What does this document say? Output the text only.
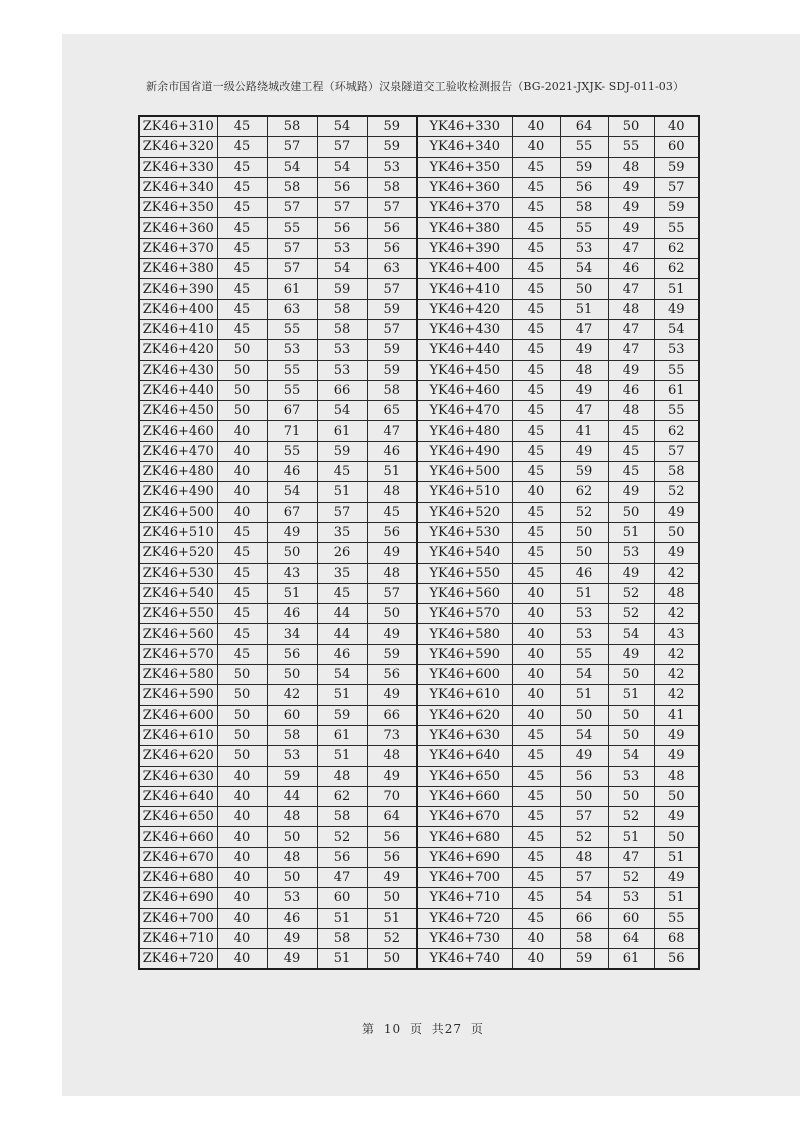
新余市国省道一级公路绕城改建工程（环城路）汉泉隧道交工验收检测报告（BG-2021-JXJK- SDJ-011-03）
ZK46+310	45	58	54	59	YK46+330	40	64	50	40
ZK46+320	45	57	57	59	YK46+340	40	55	55	60
ZK46+330	45	54	54	53	YK46+350	45	59	48	59
ZK46+340	45	58	56	58	YK46+360	45	56	49	57
ZK46+350	45	57	57	57	YK46+370	45	58	49	59
ZK46+360	45	55	56	56	YK46+380	45	55	49	55
ZK46+370	45	57	53	56	YK46+390	45	53	47	62
ZK46+380	45	57	54	63	YK46+400	45	54	46	62
ZK46+390	45	61	59	57	YK46+410	45	50	47	51
ZK46+400	45	63	58	59	YK46+420	45	51	48	49
ZK46+410	45	55	58	57	YK46+430	45	47	47	54
ZK46+420	50	53	53	59	YK46+440	45	49	47	53
ZK46+430	50	55	53	59	YK46+450	45	48	49	55
ZK46+440	50	55	66	58	YK46+460	45	49	46	61
ZK46+450	50	67	54	65	YK46+470	45	47	48	55
ZK46+460	40	71	61	47	YK46+480	45	41	45	62
ZK46+470	40	55	59	46	YK46+490	45	49	45	57
ZK46+480	40	46	45	51	YK46+500	45	59	45	58
ZK46+490	40	54	51	48	YK46+510	40	62	49	52
ZK46+500	40	67	57	45	YK46+520	45	52	50	49
ZK46+510	45	49	35	56	YK46+530	45	50	51	50
ZK46+520	45	50	26	49	YK46+540	45	50	53	49
ZK46+530	45	43	35	48	YK46+550	45	46	49	42
ZK46+540	45	51	45	57	YK46+560	40	51	52	48
ZK46+550	45	46	44	50	YK46+570	40	53	52	42
ZK46+560	45	34	44	49	YK46+580	40	53	54	43
ZK46+570	45	56	46	59	YK46+590	40	55	49	42
ZK46+580	50	50	54	56	YK46+600	40	54	50	42
ZK46+590	50	42	51	49	YK46+610	40	51	51	42
ZK46+600	50	60	59	66	YK46+620	40	50	50	41
ZK46+610	50	58	61	73	YK46+630	45	54	50	49
ZK46+620	50	53	51	48	YK46+640	45	49	54	49
ZK46+630	40	59	48	49	YK46+650	45	56	53	48
ZK46+640	40	44	62	70	YK46+660	45	50	50	50
ZK46+650	40	48	58	64	YK46+670	45	57	52	49
ZK46+660	40	50	52	56	YK46+680	45	52	51	50
ZK46+670	40	48	56	56	YK46+690	45	48	47	51
ZK46+680	40	50	47	49	YK46+700	45	57	52	49
ZK46+690	40	53	60	50	YK46+710	45	54	53	51
ZK46+700	40	46	51	51	YK46+720	45	66	60	55
ZK46+710	40	49	58	52	YK46+730	40	58	64	68
ZK46+720	40	49	51	50	YK46+740	40	59	61	56
第 10 页 共27 页
